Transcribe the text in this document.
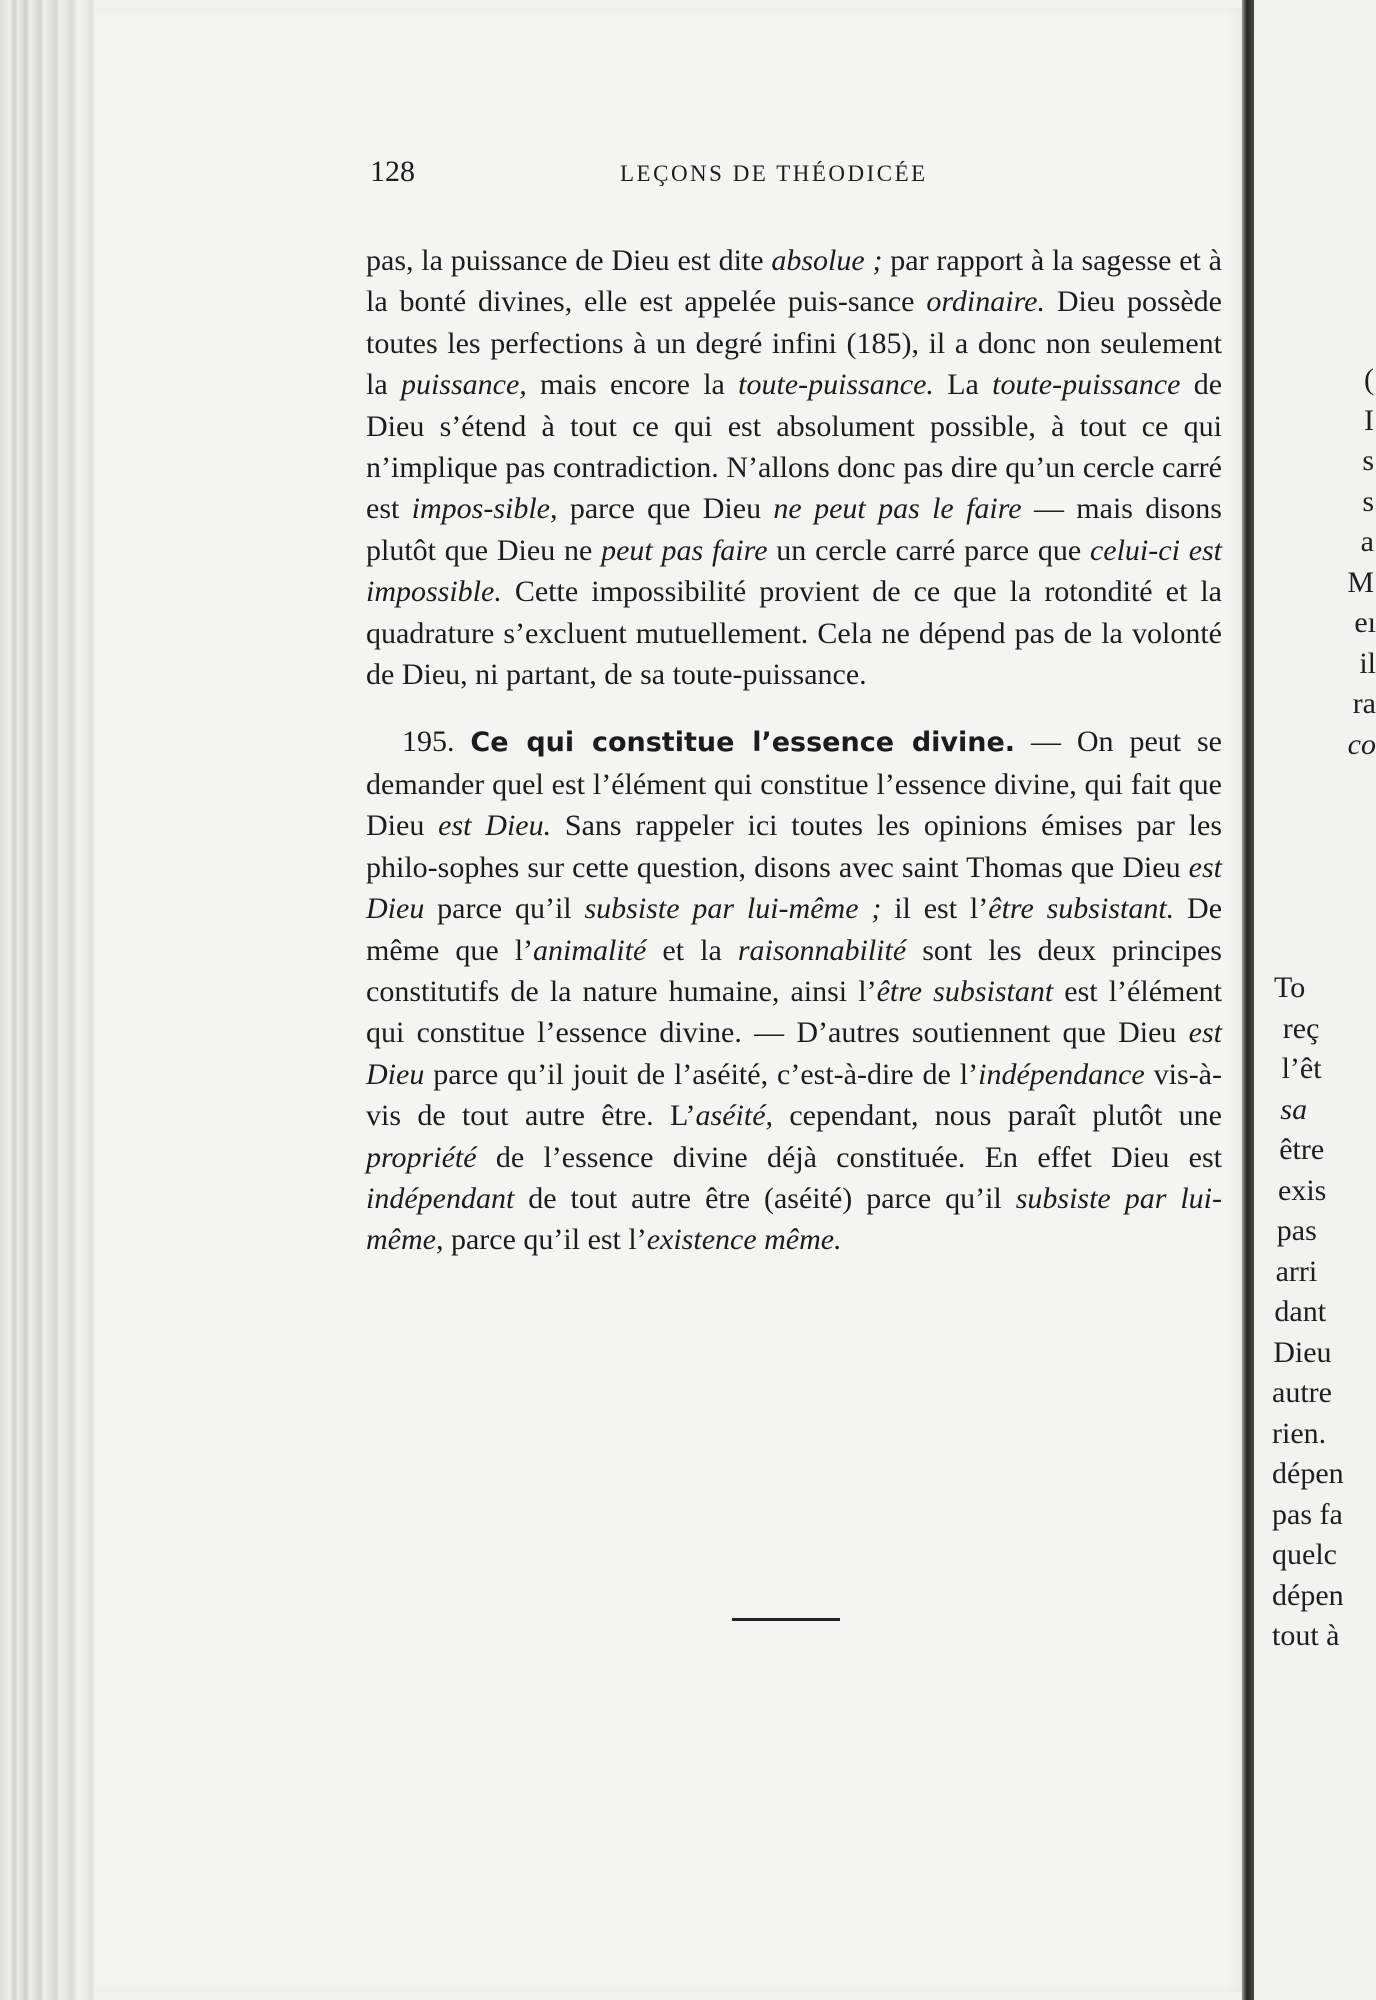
128	LEÇONS DE THÉODICÉE

pas, la puissance de Dieu est dite absolue ; par rapport à la sagesse et à la bonté divines, elle est appelée puis-sance ordinaire. Dieu possède toutes les perfections à un degré infini (185), il a donc non seulement la puissance, mais encore la toute-puissance. La toute-puissance de Dieu s’étend à tout ce qui est absolument possible, à tout ce qui n’implique pas contradiction. N’allons donc pas dire qu’un cercle carré est impos-sible, parce que Dieu ne peut pas le faire — mais disons plutôt que Dieu ne peut pas faire un cercle carré parce que celui-ci est impossible. Cette impossibilité provient de ce que la rotondité et la quadrature s’excluent mutuellement. Cela ne dépend pas de la volonté de Dieu, ni partant, de sa toute-puissance.

195. Ce qui constitue l’essence divine. — On peut se demander quel est l’élément qui constitue l’essence divine, qui fait que Dieu est Dieu. Sans rappeler ici toutes les opinions émises par les philo-sophes sur cette question, disons avec saint Thomas que Dieu est Dieu parce qu’il subsiste par lui-même ; il est l’être subsistant. De même que l’animalité et la raisonnabilité sont les deux principes constitutifs de la nature humaine, ainsi l’être subsistant est l’élément qui constitue l’essence divine. — D’autres soutiennent que Dieu est Dieu parce qu’il jouit de l’aséité, c’est-à-dire de l’indépendance vis-à-vis de tout autre être. L’aséité, cependant, nous paraît plutôt une propriété de l’essence divine déjà constituée. En effet Dieu est indépendant de tout autre être (aséité) parce qu’il subsiste par lui-même, parce qu’il est l’existence même.

(
I
s
s
a
M
eı
il
ra
co
To
reç
l’êt
sa
être
exis
pas
arri
dant
Dieu
autre
rien.
dépen
pas fa
quelc
dépen
tout à
